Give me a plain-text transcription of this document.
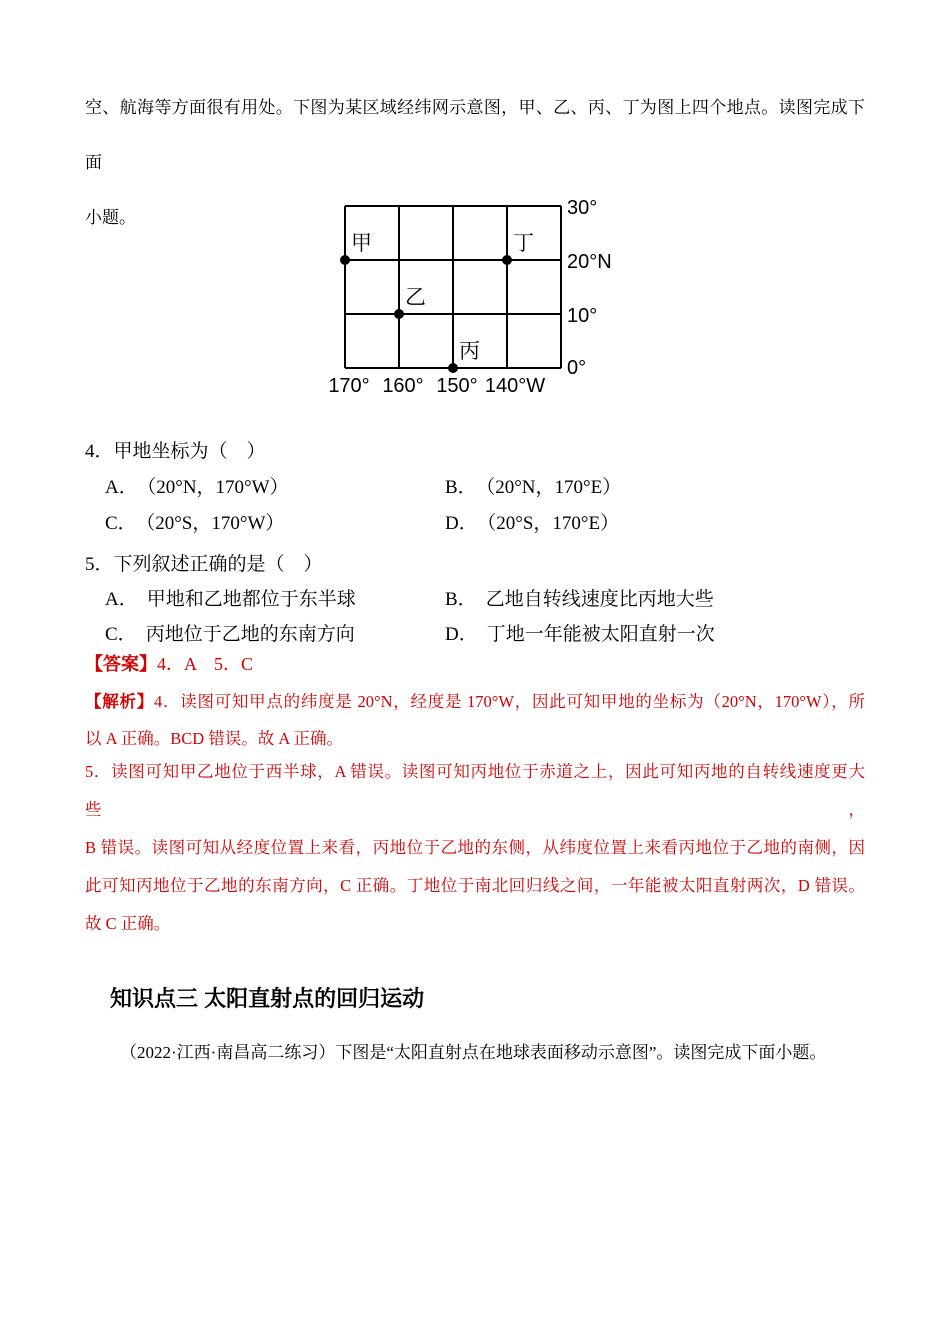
空、航海等方面很有用处。下图为某区域经纬网示意图，甲、乙、丙、丁为图上四个地点。读图完成下面
小题。
甲	丁
乙
丙
30°
20°N
10°
0°
170° 160° 150° 140°W
4．甲地坐标为（　）
A． （20°N，170°W）	B． （20°N，170°E）
C． （20°S，170°W）	D． （20°S，170°E）
5．下列叙述正确的是（　）
A． 甲地和乙地都位于东半球	B． 乙地自转线速度比丙地大些
C． 丙地位于乙地的东南方向	D． 丁地一年能被太阳直射一次
【答案】4．A　5．C
【解析】4．读图可知甲点的纬度是 20°N，经度是 170°W，因此可知甲地的坐标为（20°N，170°W），所
以 A 正确。BCD 错误。故 A 正确。
5．读图可知甲乙地位于西半球，A 错误。读图可知丙地位于赤道之上，因此可知丙地的自转线速度更大些，
B 错误。读图可知从经度位置上来看，丙地位于乙地的东侧，从纬度位置上来看丙地位于乙地的南侧，因
此可知丙地位于乙地的东南方向，C 正确。丁地位于南北回归线之间，一年能被太阳直射两次，D 错误。
故 C 正确。
知识点三 太阳直射点的回归运动
（2022·江西·南昌高二练习）下图是“太阳直射点在地球表面移动示意图”。读图完成下面小题。
